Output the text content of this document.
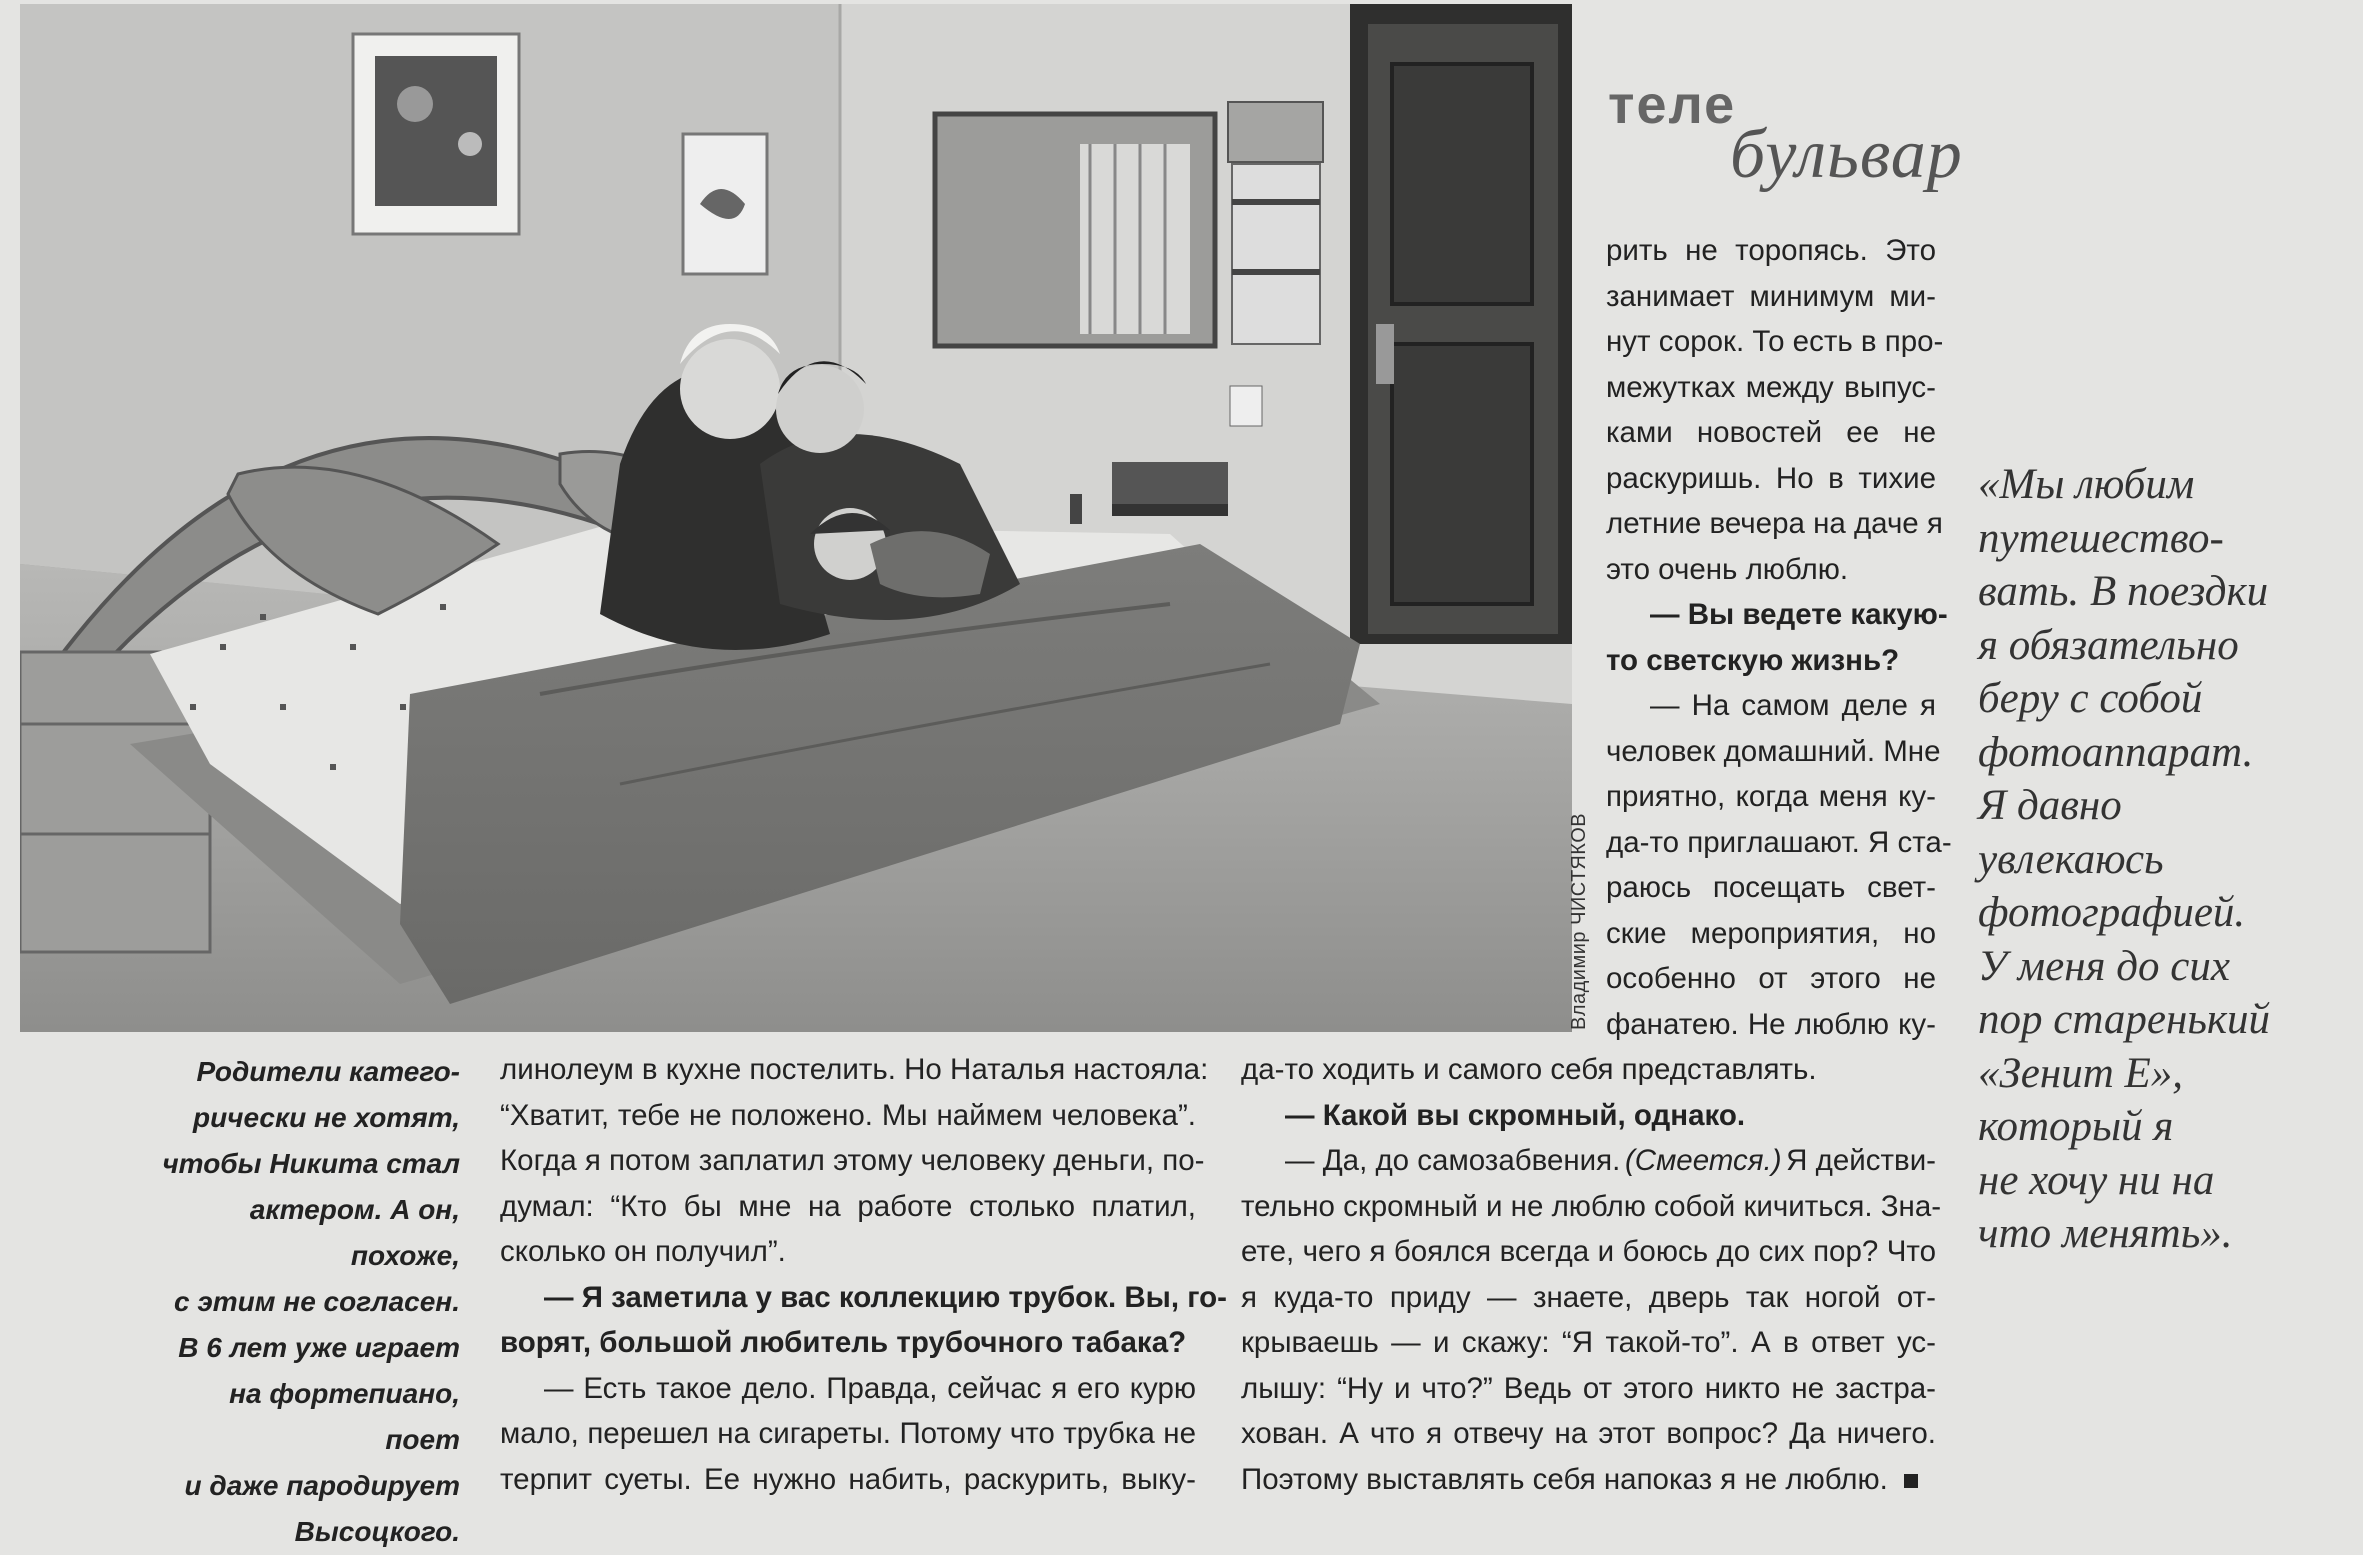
Владимир ЧИСТЯКОВ
теле
бульвар
рить не торопясь. Это
занимает минимум ми-
нут сорок. То есть в про-
межутках между выпус-
ками новостей ее не
раскуришь. Но в тихие
летние вечера на даче я
это очень люблю.
— Вы ведете какую-
то светскую жизнь?
— На самом деле я
человек домашний. Мне
приятно, когда меня ку-
да-то приглашают. Я ста-
раюсь посещать свет-
ские мероприятия, но
особенно от этого не
фанатею. Не люблю ку-
Родители катего-
рически не хотят,
чтобы Никита стал
актером. А он, похоже,
с этим не согласен.
В 6 лет уже играет
на фортепиано, поет
и даже пародирует
Высоцкого.
линолеум в кухне постелить. Но Наталья настояла:
“Хватит, тебе не положено. Мы наймем человека”.
Когда я потом заплатил этому человеку деньги, по-
думал: “Кто бы мне на работе столько платил,
сколько он получил”.
— Я заметила у вас коллекцию трубок. Вы, го-
ворят, большой любитель трубочного табака?
— Есть такое дело. Правда, сейчас я его курю
мало, перешел на сигареты. Потому что трубка не
терпит суеты. Ее нужно набить, раскурить, выку-
да-то ходить и самого себя представлять.
— Какой вы скромный, однако.
— Да, до самозабвения. (Смеется.) Я действи-
тельно скромный и не люблю собой кичиться. Зна-
ете, чего я боялся всегда и боюсь до сих пор? Что
я куда-то приду — знаете, дверь так ногой от-
крываешь — и скажу: “Я такой-то”. А в ответ ус-
лышу: “Ну и что?” Ведь от этого никто не застра-
хован. А что я отвечу на этот вопрос? Да ничего.
Поэтому выставлять себя напоказ я не люблю.
«Мы любим
путешество-
вать. В поездки
я обязательно
беру с собой
фотоаппарат.
Я давно
увлекаюсь
фотографией.
У меня до сих
пор старенький
«Зенит Е»,
который я
не хочу ни на
что менять».
